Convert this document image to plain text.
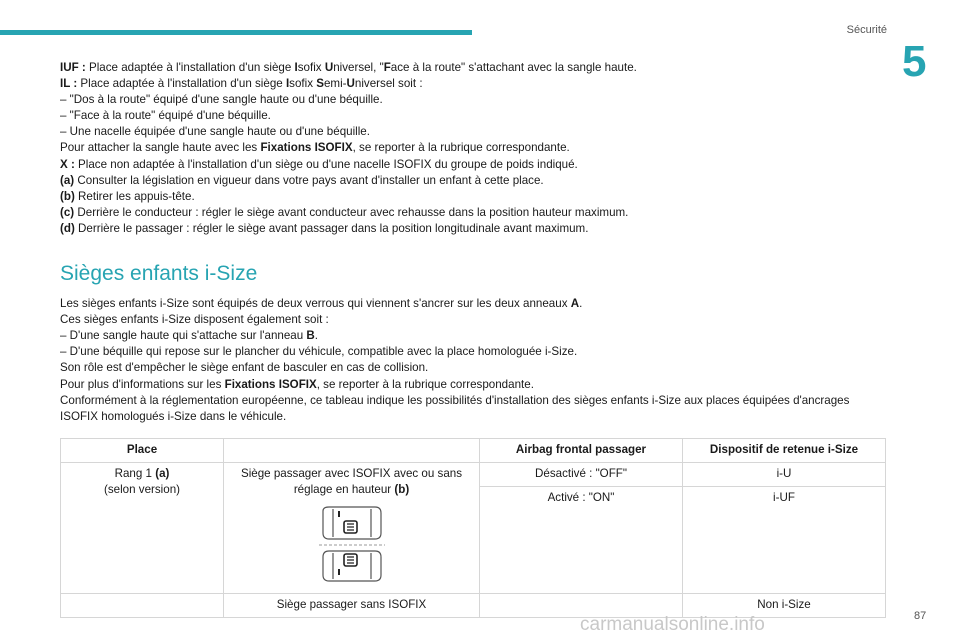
Sécurité
5

IUF : Place adaptée à l'installation d'un siège Isofix Universel, "Face à la route" s'attachant avec la sangle haute.

IL : Place adaptée à l'installation d'un siège Isofix Semi-Universel soit :

– "Dos à la route" équipé d'une sangle haute ou d'une béquille.

– "Face à la route" équipé d'une béquille.

– Une nacelle équipée d'une sangle haute ou d'une béquille.

Pour attacher la sangle haute avec les Fixations ISOFIX, se reporter à la rubrique correspondante.

X : Place non adaptée à l'installation d'un siège ou d'une nacelle ISOFIX du groupe de poids indiqué.

(a) Consulter la législation en vigueur dans votre pays avant d'installer un enfant à cette place.

(b) Retirer les appuis-tête.

(c) Derrière le conducteur : régler le siège avant conducteur avec rehausse dans la position hauteur maximum.

(d) Derrière le passager : régler le siège avant passager dans la position longitudinale avant maximum.

Sièges enfants i-Size

Les sièges enfants i-Size sont équipés de deux verrous qui viennent s'ancrer sur les deux anneaux A.

Ces sièges enfants i-Size disposent également soit :

– D'une sangle haute qui s'attache sur l'anneau B.

– D'une béquille qui repose sur le plancher du véhicule, compatible avec la place homologuée i-Size.

Son rôle est d'empêcher le siège enfant de basculer en cas de collision.

Pour plus d'informations sur les Fixations ISOFIX, se reporter à la rubrique correspondante.

Conformément à la réglementation européenne, ce tableau indique les possibilités d'installation des sièges enfants i-Size aux places équipées d'ancrages ISOFIX homologués i-Size dans le véhicule.

Place		Airbag frontal passager	Dispositif de retenue i-Size
Rang 1 (a)
(selon version)	Siège passager avec ISOFIX avec ou sans réglage en hauteur (b)	Désactivé : "OFF"	i-U
		Activé : "ON"	i-UF
	Siège passager sans ISOFIX		Non i-Size
carmanualsonline.info	87
